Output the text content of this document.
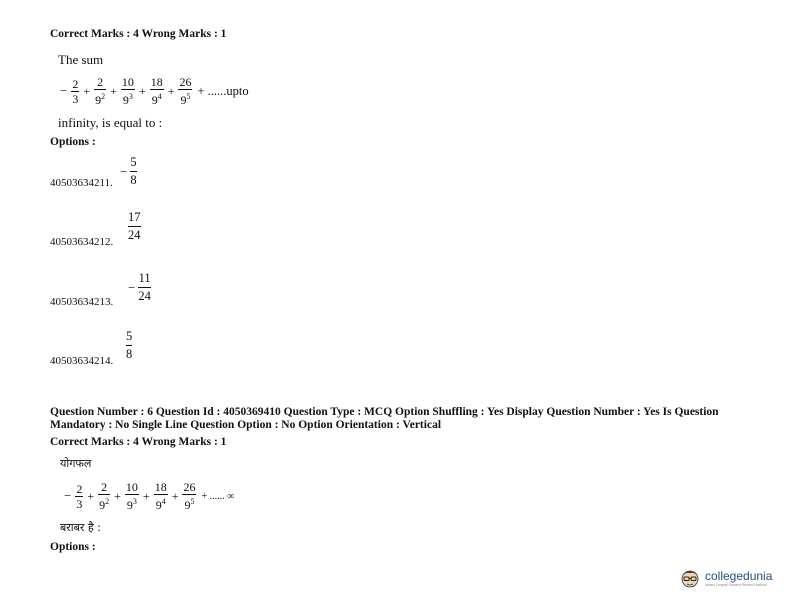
Correct Marks : 4 Wrong Marks : 1
The sum
− $\frac{2}{3} + \frac{2}{9^2} + \frac{10}{9^3} + \frac{18}{9^4} + \frac{26}{9^5}$ + ......upto
infinity, is equal to :
Options :
−
5
8
40503634211.
17
24
40503634212.
−
11
24
40503634213.
5
8
40503634214.
Question Number : 6 Question Id : 4050369410 Question Type : MCQ Option Shuffling : Yes Display Question Number : Yes Is Question
Mandatory : No Single Line Question Option : No Option Orientation : Vertical
Correct Marks : 4 Wrong Marks : 1
योगफल
− $\frac{2}{3} + \frac{2}{9^2} + \frac{10}{9^3} + \frac{18}{9^4} + \frac{26}{9^5}$ + ...... ∞
बराबर है :
Options :
collegedunia
India's Largest Student Review Platform
